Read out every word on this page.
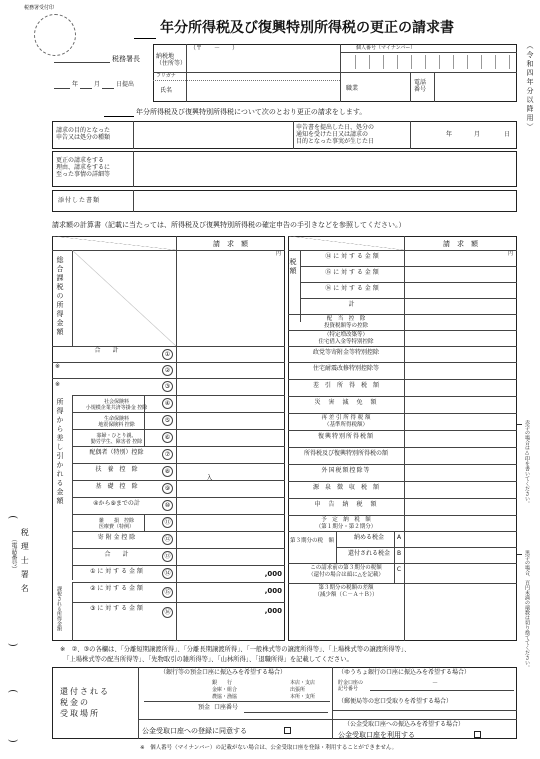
税務署受付印
年分所得税及び復興特別所得税の更正の請求書
（令和四年分以降用）
税務署長
年	月	日提出
納税地
（住所等）
（〒　　－　　）	個人番号（マイナンバー）
フリガナ
氏名	職業
電話
番号
年分所得税及び復興特別所得税について次のとおり更正の請求をします。
請求の目的となった
申告又は処分の種類
申告書を提出した日、処分の
通知を受けた日又は請求の
目的となった事実が生じた日
年	月	日
更正の請求をする
理由、請求をするに
至った事情の詳細等
添付した書類
請求額の計算書（記載に当たっては、所得税及び復興特別所得税の確定申告の手引きなどを参照してください。）
請　求　額
円
総合課税の所得金額
所得から差し引かれる金額
課税される所得金額
入
合　　計	①
※	②
※	③
社会保険料
小規模企業共済等掛金 控除
④
生命保険料
地震保険料 控除
⑤
寡婦・ひとり親、
勤労学生、障害者 控除
⑥
配偶者（特別）控除	⑦
扶　養　控　除	⑧
基　礎　控　除	⑨
④から⑨までの計	⑩
雑　　損　控除
医療費（特例）
⑪
寄 附 金 控 除	⑫
合　　計	⑬
① に 対 す る 金 額	⑭	,000
② に 対 す る 金 額	⑮	,000
③ に 対 す る 金 額	⑯	,000
請　求　額
円
税額
⑭ に 対 す る 金 額
⑮ に 対 す る 金 額
⑯ に 対 す る 金 額
計
配　当　控　除
投資税額等の控除
（特定増改築等）
住宅借入金等特別控除
政党等寄附金等特別控除
住宅耐震改修特別控除等
差　引　所　得　税　額
災　害　減　免　額
再 差 引 所 得 税 額
（基準所得税額）
復興特別所得税額
所得税及び復興特別所得税の額
外国税額控除等
源　泉　徴　収　税　額
申　告　納　税　額
予　定　納　税　額
（第１期分・第２期分）
納める税金
還付される税金
この請求前の第３期分の税額
（還付の場合は頭に△を記載）
第３期分の税額の差額
（減少額（Ｃ－Ａ＋Ｂ））
第３期分の税　額	A
B
C
赤字の場合は△印を書いてください。
黒字の場合、百円未満の端数は切り捨ててください。
※　②、③の各欄は、「分離短期譲渡所得」、「分離長期譲渡所得」、「一般株式等の譲渡所得等」、「上場株式等の譲渡所得等」、
　「上場株式等の配当所得等」、「先物取引の雑所得等」、「山林所得」、「退職所得」を記載してください。
還付される
税金の
受取場所
（銀行等の預金口座に振込みを希望する場合）
銀　　行
金庫・組合
農協・漁協
本店・支店
出張所
本所・支所
預金 口座番号
（ゆうちょ銀行の口座に振込みを希望する場合）
貯金口座の
記号番号
－
（郵便局等の窓口受取りを希望する場合）
（公金受取口座への振込みを希望する場合）
公金受取口座を利用する
公金受取口座への登録に同意する
※　個人番号（マイナンバー）の記載がない場合は、公金受取口座を登録・利用することができません。
税理士署名
（電話番号）
